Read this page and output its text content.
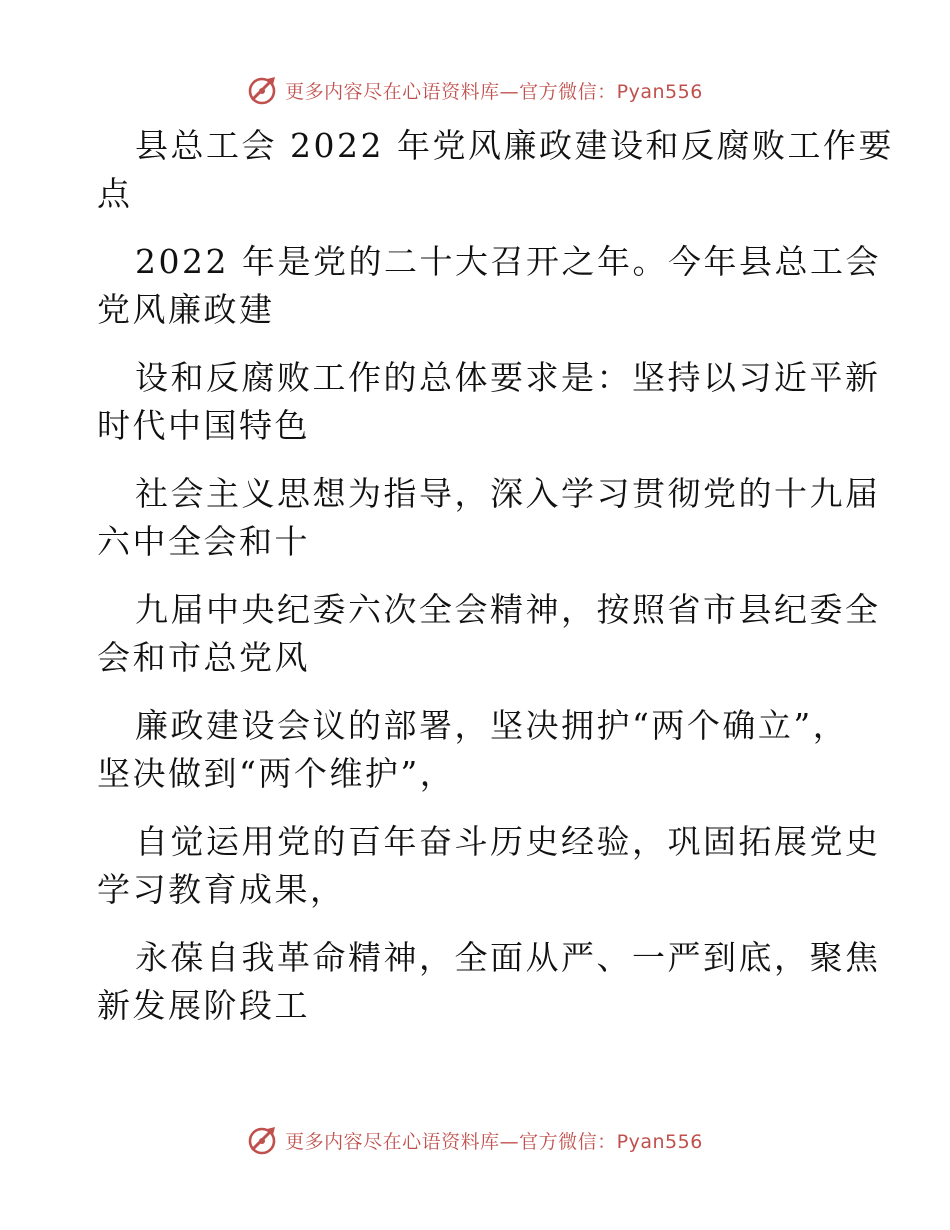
更多内容尽在心语资料库—官方微信：Pyan556

县总工会 2022 年党风廉政建设和反腐败工作要
点

2022 年是党的二十大召开之年。今年县总工会
党风廉政建

设和反腐败工作的总体要求是：坚持以习近平新
时代中国特色

社会主义思想为指导，深入学习贯彻党的十九届
六中全会和十

九届中央纪委六次全会精神，按照省市县纪委全
会和市总党风

廉政建设会议的部署，坚决拥护“两个确立”，
坚决做到“两个维护”，

自觉运用党的百年奋斗历史经验，巩固拓展党史
学习教育成果，

永葆自我革命精神，全面从严、一严到底，聚焦
新发展阶段工

更多内容尽在心语资料库—官方微信：Pyan556
